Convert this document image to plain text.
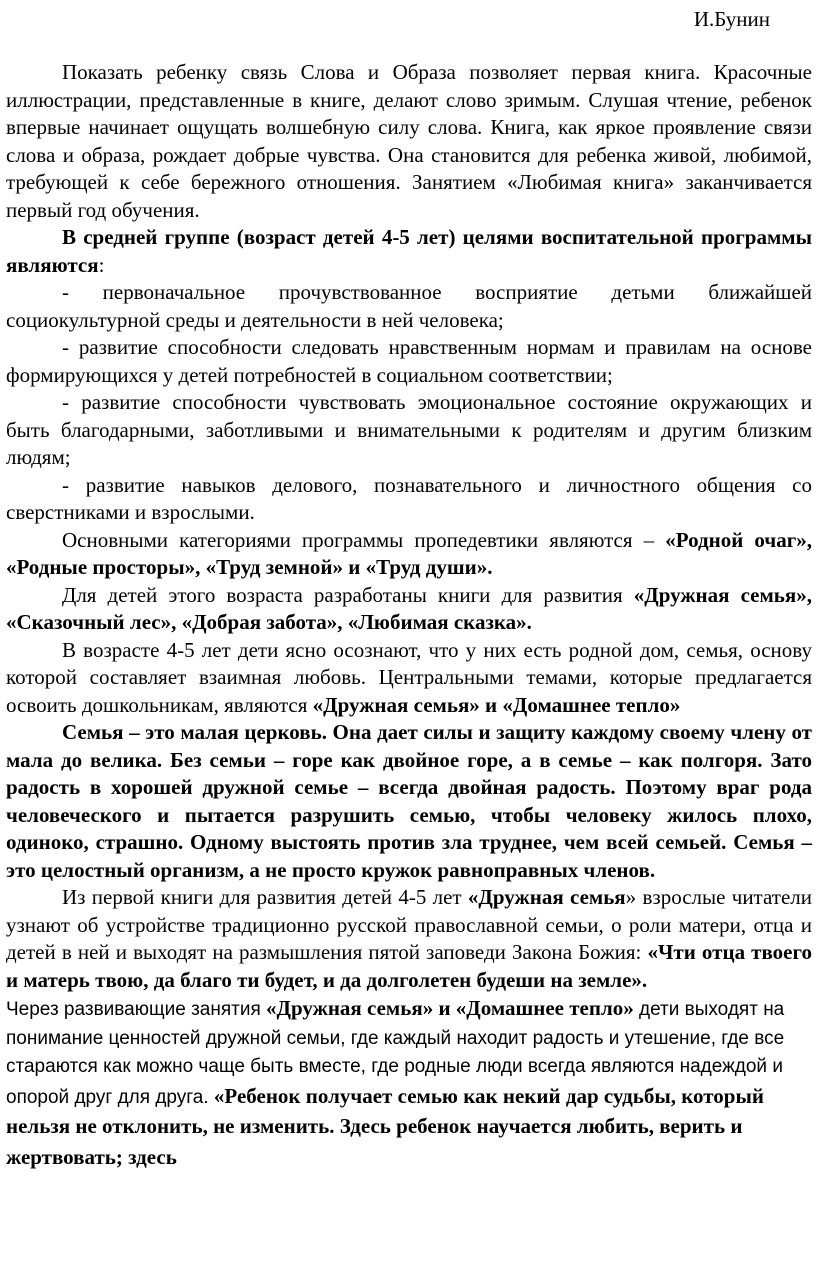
И.Бунин

Показать ребенку связь Слова и Образа позволяет первая книга. Красочные иллюстрации, представленные в книге, делают слово зримым. Слушая чтение, ребенок впервые начинает ощущать волшебную силу слова. Книга, как яркое проявление связи слова и образа, рождает добрые чувства. Она становится для ребенка живой, любимой, требующей к себе бережного отношения. Занятием «Любимая книга» заканчивается первый год обучения.

В средней группе (возраст детей 4-5 лет) целями воспитательной программы являются:

- первоначальное прочувствованное восприятие детьми ближайшей социокультурной среды и деятельности в ней человека;

- развитие способности следовать нравственным нормам и правилам на основе формирующихся у детей потребностей в социальном соответствии;

- развитие способности чувствовать эмоциональное состояние окружающих и быть благодарными, заботливыми и внимательными к родителям и другим близким людям;

- развитие навыков делового, познавательного и личностного общения со сверстниками и взрослыми.

Основными категориями программы пропедевтики являются – «Родной очаг», «Родные просторы», «Труд земной» и «Труд души».

Для детей этого возраста разработаны книги для развития «Дружная семья», «Сказочный лес», «Добрая забота», «Любимая сказка».

В возрасте 4-5 лет дети ясно осознают, что у них есть родной дом, семья, основу которой составляет взаимная любовь. Центральными темами, которые предлагается освоить дошкольникам, являются «Дружная семья» и «Домашнее тепло»

Семья – это малая церковь. Она дает силы и защиту каждому своему члену от мала до велика. Без семьи – горе как двойное горе, а в семье – как полгоря. Зато радость в хорошей дружной семье – всегда двойная радость. Поэтому враг рода человеческого и пытается разрушить семью, чтобы человеку жилось плохо, одиноко, страшно. Одному выстоять против зла труднее, чем всей семьей. Семья – это целостный организм, а не просто кружок равноправных членов.

Из первой книги для развития детей 4-5 лет «Дружная семья» взрослые читатели узнают об устройстве традиционно русской православной семьи, о роли матери, отца и детей в ней и выходят на размышления пятой заповеди Закона Божия: «Чти отца твоего и матерь твою, да благо ти будет, и да долголетен будеши на земле».

Через развивающие занятия «Дружная семья» и «Домашнее тепло» дети выходят на понимание ценностей дружной семьи, где каждый находит радость и утешение, где все стараются как можно чаще быть вместе, где родные люди всегда являются надеждой и опорой друг для друга. «Ребенок получает семью как некий дар судьбы, который нельзя не отклонить, не изменить. Здесь ребенок научается любить, верить и жертвовать; здесь
